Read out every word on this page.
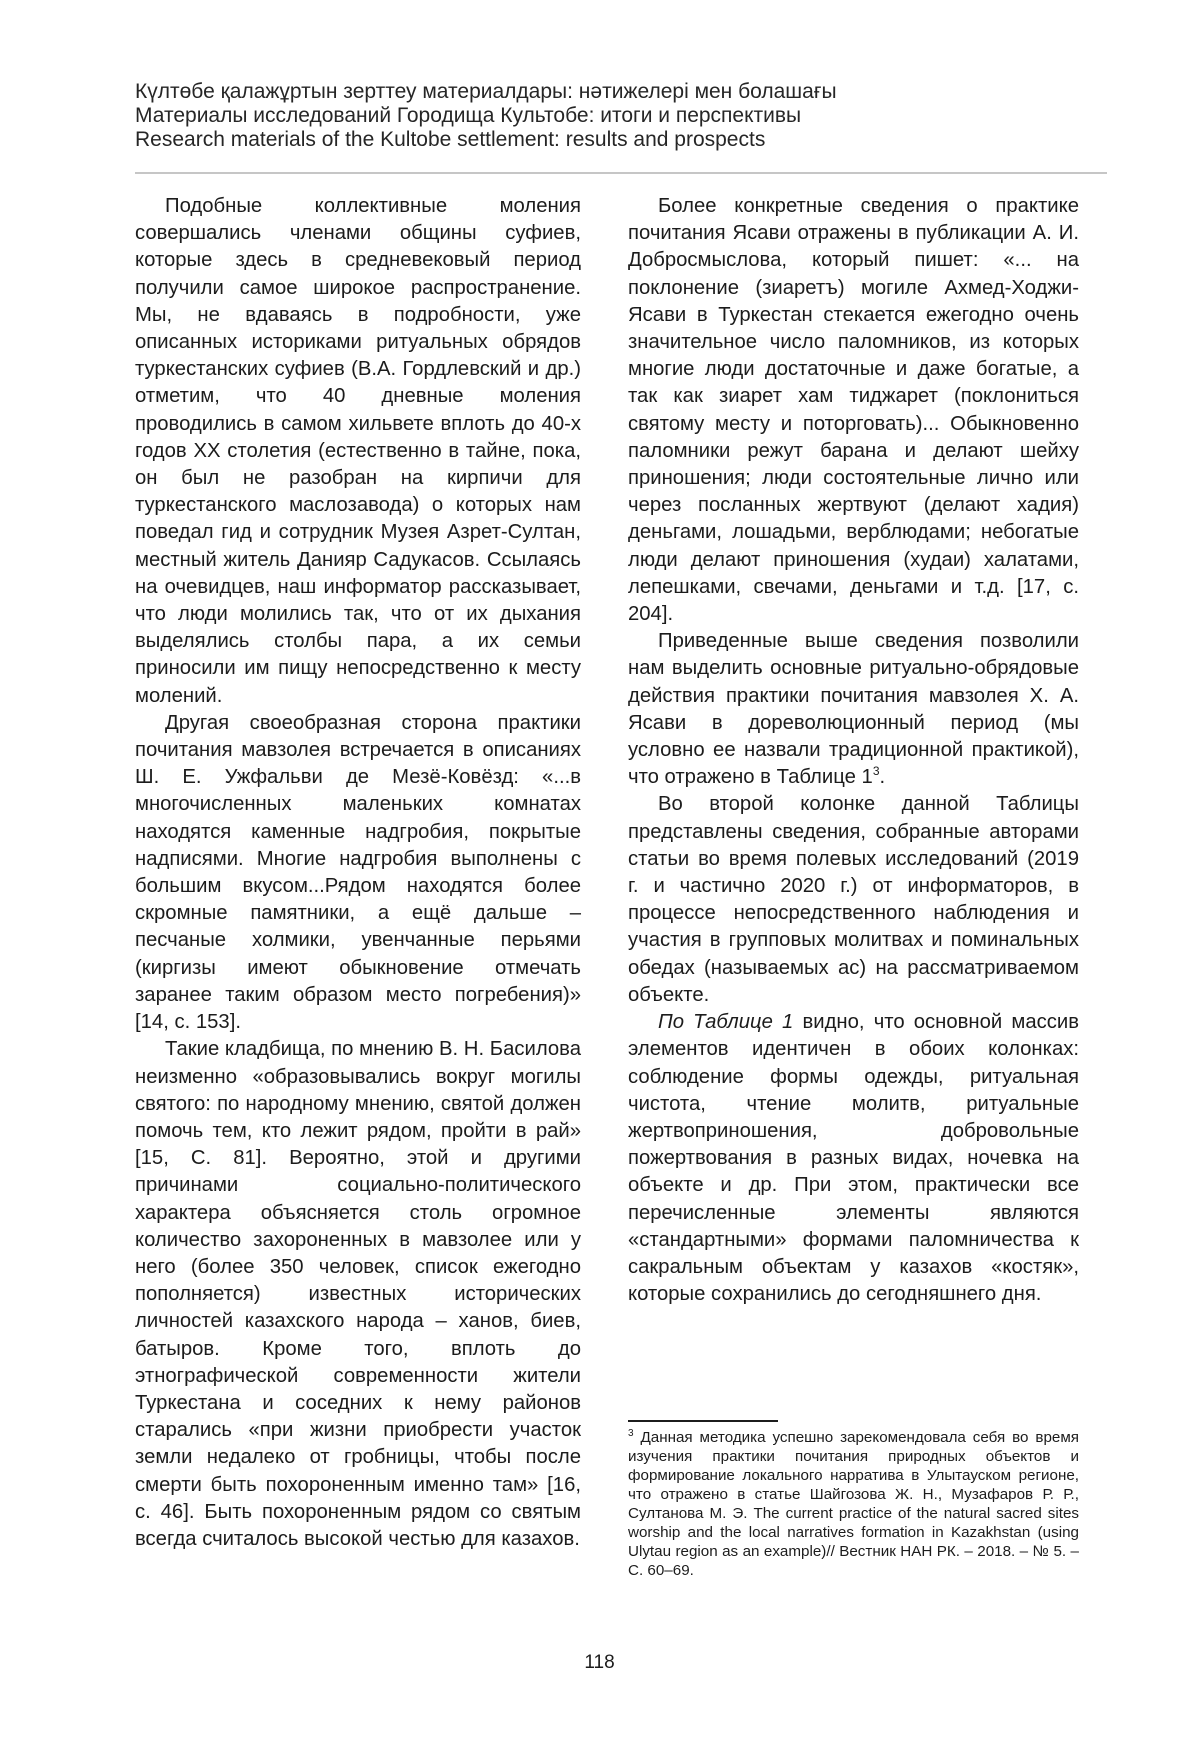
Күлтөбе қалажұртын зерттеу материалдары: нәтижелері мен болашағы
Материалы исследований Городища Культобе: итоги и перспективы
Research materials of the Kultobe settlement: results and prospects

Подобные коллективные моления совершались членами общины суфиев, которые здесь в средневековый период получили самое широкое распространение. Мы, не вдаваясь в подробности, уже описанных историками ритуальных обрядов туркестанских суфиев (В.А. Гордлевский и др.) отметим, что 40 дневные моления проводились в самом хильвете вплоть до 40-х годов XX столетия (естественно в тайне, пока, он был не разобран на кирпичи для туркестанского маслозавода) о которых нам поведал гид и сотрудник Музея Азрет-Султан, местный житель Данияр Садукасов. Ссылаясь на очевидцев, наш информатор рассказывает, что люди молились так, что от их дыхания выделялись столбы пара, а их семьи приносили им пищу непосредственно к месту молений.

Другая своеобразная сторона практики почитания мавзолея встречается в описаниях Ш. Е. Ужфальви де Мезё-Ковёзд: «...в многочисленных маленьких комнатах находятся каменные надгробия, покрытые надписями. Многие надгробия выполнены с большим вкусом...Рядом находятся более скромные памятники, а ещё дальше – песчаные холмики, увенчанные перьями (киргизы имеют обыкновение отмечать заранее таким образом место погребения)» [14, с. 153].

Такие кладбища, по мнению В. Н. Басилова неизменно «образовывались вокруг могилы святого: по народному мнению, святой должен помочь тем, кто лежит рядом, пройти в рай» [15, С. 81]. Вероятно, этой и другими причинами социально-политического характера объясняется столь огромное количество захороненных в мавзолее или у него (более 350 человек, список ежегодно пополняется) известных исторических личностей казахского народа – ханов, биев, батыров. Кроме того, вплоть до этнографической современности жители Туркестана и соседних к нему районов старались «при жизни приобрести участок земли недалеко от гробницы, чтобы после смерти быть похороненным именно там» [16, с. 46]. Быть похороненным рядом со святым всегда считалось высокой честью для казахов.

Более конкретные сведения о практике почитания Ясави отражены в публикации А. И. Добросмыслова, который пишет: «... на поклонение (зиаретъ) могиле Ахмед-Ходжи-Ясави в Туркестан стекается ежегодно очень значительное число паломников, из которых многие люди достаточные и даже богатые, а так как зиарет хам тиджарет (поклониться святому месту и поторговать)... Обыкновенно паломники режут барана и делают шейху приношения; люди состоятельные лично или через посланных жертвуют (делают хадия) деньгами, лошадьми, верблюдами; небогатые люди делают приношения (худаи) халатами, лепешками, свечами, деньгами и т.д. [17, с. 204].

Приведенные выше сведения позволили нам выделить основные ритуально-обрядовые действия практики почитания мавзолея Х. А. Ясави в дореволюционный период (мы условно ее назвали традиционной практикой), что отражено в Таблице $1^3$.

Во второй колонке данной Таблицы представлены сведения, собранные авторами статьи во время полевых исследований (2019 г. и частично 2020 г.) от информаторов, в процессе непосредственного наблюдения и участия в групповых молитвах и поминальных обедах (называемых ас) на рассматриваемом объекте.

По Таблице 1 видно, что основной массив элементов идентичен в обоих колонках: соблюдение формы одежды, ритуальная чистота, чтение молитв, ритуальные жертвоприношения, добровольные пожертвования в разных видах, ночевка на объекте и др. При этом, практически все перечисленные элементы являются «стандартными» формами паломничества к сакральным объектам у казахов «костяк», которые сохранились до сегодняшнего дня.

$^3$ Данная методика успешно зарекомендовала себя во время изучения практики почитания природных объектов и формирование локального нарратива в Улытауском регионе, что отражено в статье Шайгозова Ж. Н., Музафаров Р. Р., Султанова М. Э. The current practice of the natural sacred sites worship and the local narratives formation in Kazakhstan (using Ulytau region as an example)// Вестник НАН РК. – 2018. – № 5. – С. 60–69.
118
